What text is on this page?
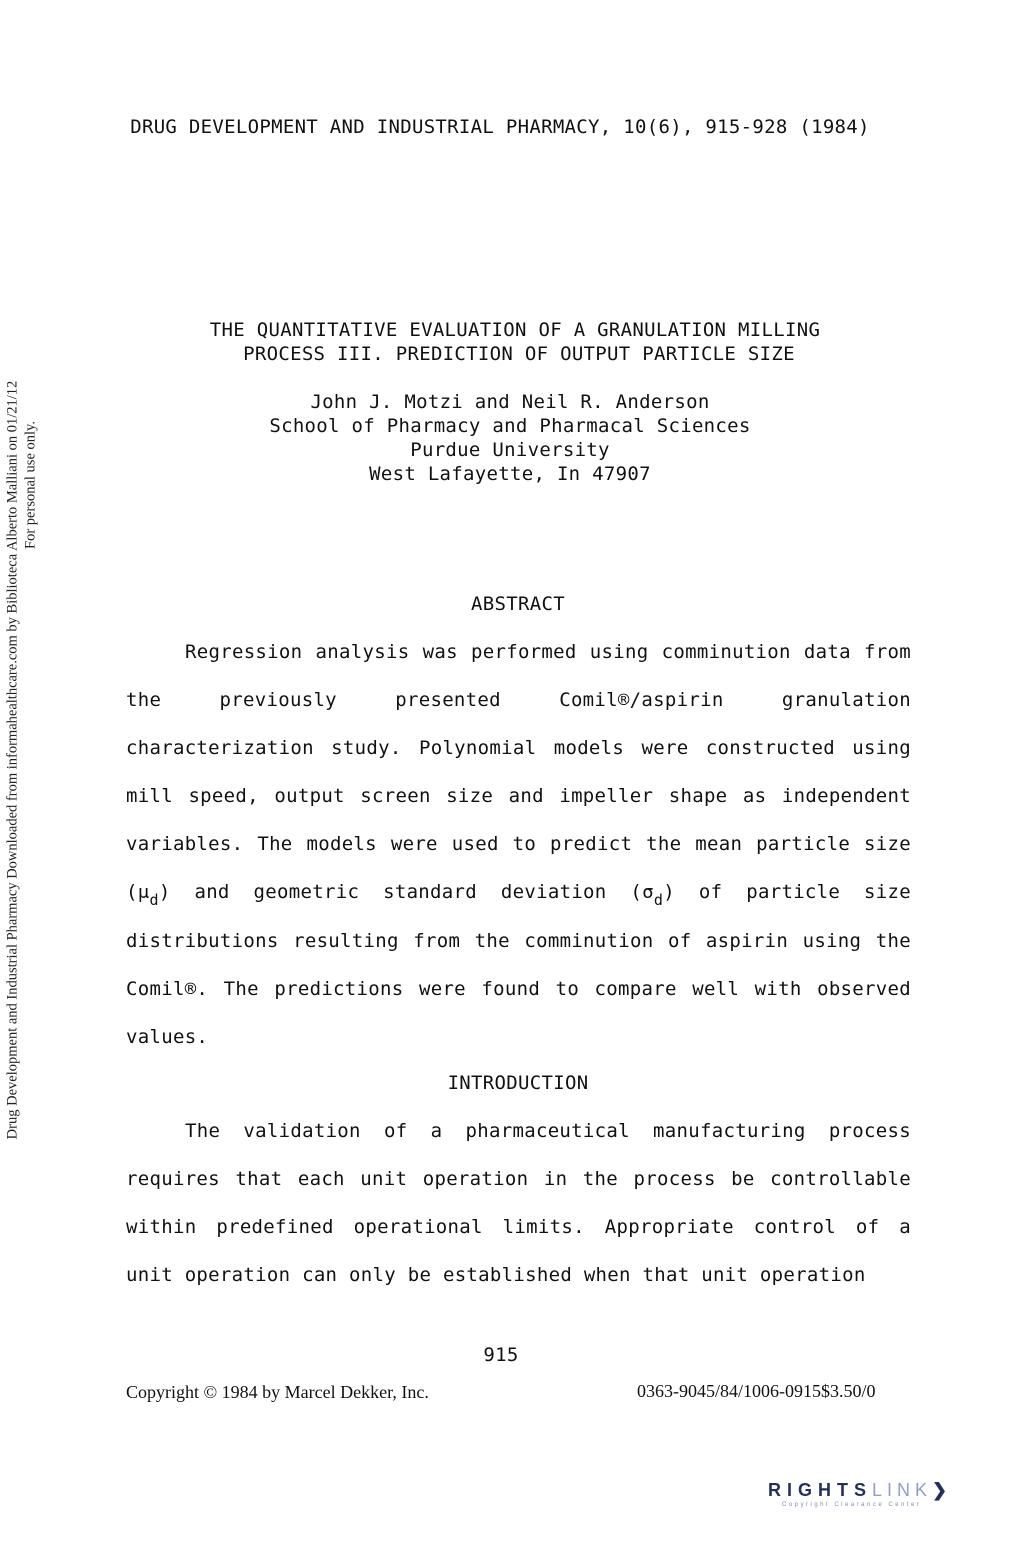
DRUG DEVELOPMENT AND INDUSTRIAL PHARMACY, 10(6), 915-928 (1984)
THE QUANTITATIVE EVALUATION OF A GRANULATION MILLING
PROCESS III. PREDICTION OF OUTPUT PARTICLE SIZE
John J. Motzi and Neil R. Anderson
School of Pharmacy and Pharmacal Sciences
Purdue University
West Lafayette, In 47907
ABSTRACT
Regression analysis was performed using comminution data from the previously presented Comil®/aspirin granulation characterization study. Polynomial models were constructed using mill speed, output screen size and impeller shape as independent variables. The models were used to predict the mean particle size $(\mu_d)$ and geometric standard deviation $(\sigma_d)$ of particle size distributions resulting from the comminution of aspirin using the Comil®. The predictions were found to compare well with observed values.
INTRODUCTION
The validation of a pharmaceutical manufacturing process requires that each unit operation in the process be controllable within predefined operational limits. Appropriate control of a unit operation can only be established when that unit operation
915
Copyright © 1984 by Marcel Dekker, Inc.	0363-9045/84/1006-0915$3.50/0
Drug Development and Industrial Pharmacy Downloaded from informahealthcare.com by Biblioteca Alberto Malliani on 01/21/12 For personal use only.
RIGHTSLINK❯
Copyright Clearance Center
